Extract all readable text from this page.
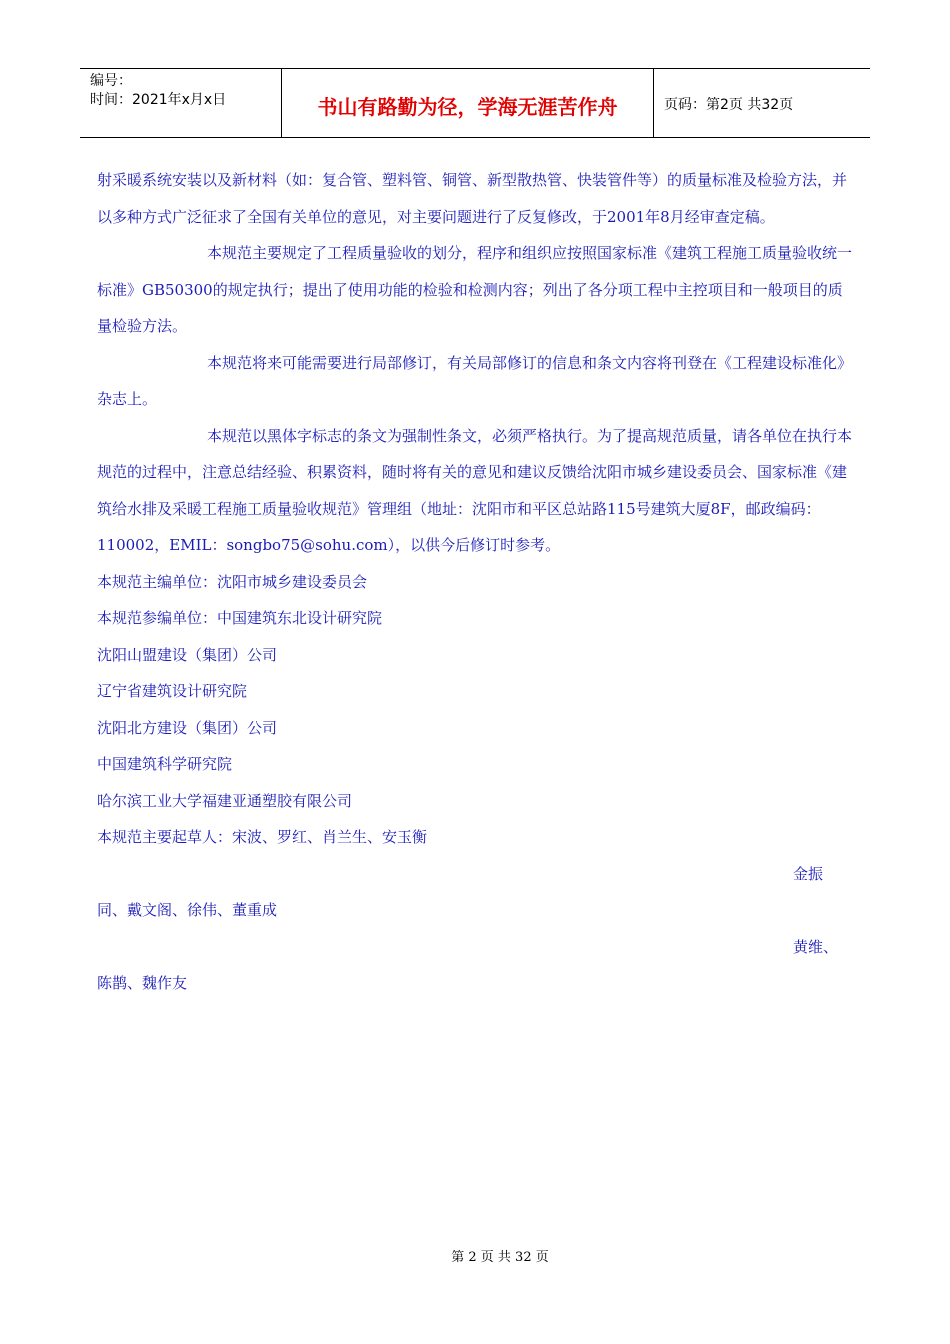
编号：
时间：2021年x月x日	书山有路勤为径，学海无涯苦作舟	页码：第2页 共32页

射采暖系统安装以及新材料（如：复合管、塑料管、铜管、新型散热管、快装管件等）的质量标准及检验方法，并以多种方式广泛征求了全国有关单位的意见，对主要问题进行了反复修改，于2001年8月经审查定稿。

本规范主要规定了工程质量验收的划分，程序和组织应按照国家标准《建筑工程施工质量验收统一标准》GB50300的规定执行；提出了使用功能的检验和检测内容；列出了各分项工程中主控项目和一般项目的质量检验方法。

本规范将来可能需要进行局部修订，有关局部修订的信息和条文内容将刊登在《工程建设标准化》杂志上。

本规范以黑体字标志的条文为强制性条文，必须严格执行。为了提高规范质量，请各单位在执行本规范的过程中，注意总结经验、积累资料，随时将有关的意见和建议反馈给沈阳市城乡建设委员会、国家标准《建筑给水排及采暖工程施工质量验收规范》管理组（地址：沈阳市和平区总站路115号建筑大厦8F，邮政编码：110002，EMIL：songbo75@sohu.com），以供今后修订时参考。

本规范主编单位：沈阳市城乡建设委员会

本规范参编单位：中国建筑东北设计研究院

沈阳山盟建设（集团）公司

辽宁省建筑设计研究院

沈阳北方建设（集团）公司

中国建筑科学研究院

哈尔滨工业大学福建亚通塑胶有限公司

本规范主要起草人：宋波、罗红、肖兰生、安玉衡

金振

同、戴文阁、徐伟、董重成

黄维、

陈鹊、魏作友

第 2 页 共 32 页
